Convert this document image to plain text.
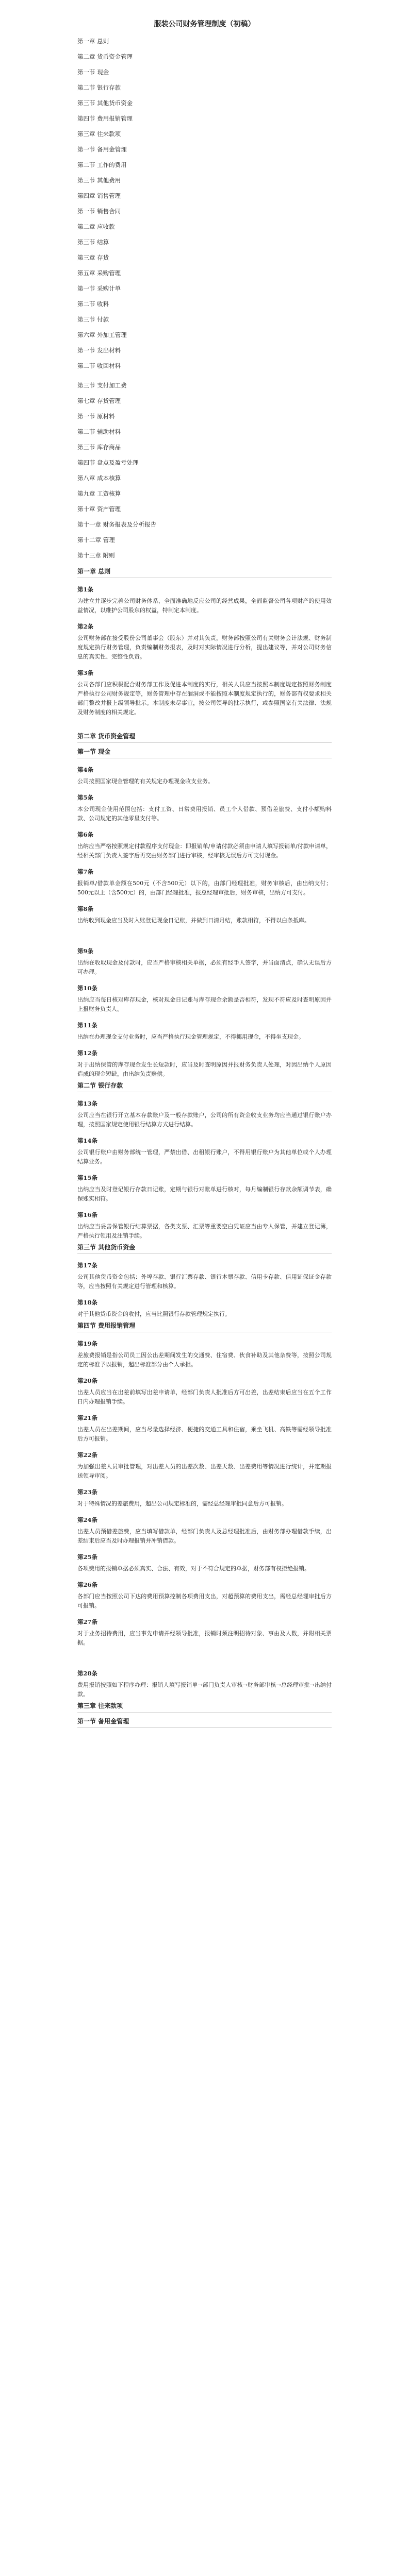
服装公司财务管理制度（初稿）
第一章 总则
第二章 货币资金管理
第一节 现金
第二节 银行存款
第三节 其他货币资金
第四节 费用报销管理
第三章 往来款项
第一节 备用金管理
第二节 工作的费用
第三节 其他费用
第四章 销售管理
第一节 销售合同
第二章 应收款
第三节 结算
第三章 存货
第五章 采购管理
第一节 采购计单
第二节 收料
第三节 付款
第六章 外加工管理
第一节 发出材料
第二节 收回材料
第三节 支付加工费
第七章 存货管理
第一节 原材料
第二节 辅助材料
第三节 库存商品
第四节 盘点及盈亏处理
第八章 成本核算
第九章 工资核算
第十章 资产管理
第十一章 财务报表及分析报告
第十二章 管理
第十三章 附则
第一章 总则
第1条
为建立并逐步完善公司财务体系，全面准确地反应公司的经营成果，全面监督公司各项财产的使用效益情况，以维护公司股东的权益，特制定本制度。
第2条
公司财务部在接受股份公司董事会（股东）并对其负责，财务部按照公司有关财务会计法规、财务制度规定执行财务管理，负责编制财务报表，及时对实际情况进行分析，提出建议等，并对公司财务信息的真实性、完整性负责。
第3条
公司各部门应积极配合财务部工作及促进本制度的实行，相关人员应当按照本制度规定按照财务制度严格执行公司财务规定等，财务管理中存在漏洞或不能按照本制度规定执行的，财务部有权要求相关部门整改并报上级领导批示。本制度未尽事宜，按公司领导的批示执行，或参照国家有关法律、法规及财务制度的相关规定。
第二章 货币资金管理
第一节 现金
第4条
公司按照国家现金管理的有关规定办理现金收支业务。
第5条
本公司现金使用范围包括：支付工资、日常费用报销、员工个人借款、预借差旅费、支付小额购料款、公司规定的其他零星支付等。
第6条
出纳应当严格按照规定付款程序支付现金：即报销单/申请付款必须由申请人填写报销单/付款申请单，经相关部门负责人签字后再交由财务部门进行审核，经审核无误后方可支付现金。
第7条
报销单/借款单金额在500元（不含500元）以下的，由部门经理批准，财务审核后，由出纳支付；500元以上（含500元）的，由部门经理批准，报总经理审批后，财务审核，出纳方可支付。
第8条
出纳收到现金应当及时入账登记现金日记账，并做到日清月结，账款相符，不得以白条抵库。
第9条
出纳在收取现金及付款时，应当严格审核相关单据，必须有经手人签字，并当面清点，确认无误后方可办理。
第10条
出纳应当每日核对库存现金，核对现金日记账与库存现金余额是否相符，发现不符应及时查明原因并上报财务负责人。
第11条
出纳在办理现金支付业务时，应当严格执行现金管理规定，不得挪用现金，不得坐支现金。
第12条
对于出纳保管的库存现金发生长短款时，应当及时查明原因并报财务负责人处理，对因出纳个人原因造成的现金短缺，由出纳负责赔偿。
第二节 银行存款
第13条
公司应当在银行开立基本存款账户及一般存款账户，公司的所有资金收支业务均应当通过银行账户办理，按照国家规定使用银行结算方式进行结算。
第14条
公司银行账户由财务部统一管理，严禁出借、出租银行账户，不得用银行账户为其他单位或个人办理结算业务。
第15条
出纳应当及时登记银行存款日记账，定期与银行对账单进行核对，每月编制银行存款余额调节表，确保账实相符。
第16条
出纳应当妥善保管银行结算票据，各类支票、汇票等重要空白凭证应当由专人保管，并建立登记簿，严格执行领用及注销手续。
第三节 其他货币资金
第17条
公司其他货币资金包括：外埠存款、银行汇票存款、银行本票存款、信用卡存款、信用证保证金存款等，应当按照有关规定进行管理和核算。
第18条
对于其他货币资金的收付，应当比照银行存款管理规定执行。
第四节 费用报销管理
第19条
差旅费报销是指公司员工因公出差期间发生的交通费、住宿费、伙食补助及其他杂费等，按照公司规定的标准予以报销，超出标准部分由个人承担。
第20条
出差人员应当在出差前填写出差申请单，经部门负责人批准后方可出差，出差结束后应当在五个工作日内办理报销手续。
第21条
出差人员在出差期间，应当尽量选择经济、便捷的交通工具和住宿，乘坐飞机、高铁等需经领导批准后方可报销。
第22条
为加强出差人员审批管理，对出差人员的出差次数、出差天数、出差费用等情况进行统计，并定期报送领导审阅。
第23条
对于特殊情况的差旅费用，超出公司规定标准的，需经总经理审批同意后方可报销。
第24条
出差人员预借差旅费，应当填写借款单，经部门负责人及总经理批准后，由财务部办理借款手续，出差结束后应当及时办理报销并冲销借款。
第25条
各项费用的报销单据必须真实、合法、有效，对于不符合规定的单据，财务部有权拒绝报销。
第26条
各部门应当按照公司下达的费用预算控制各项费用支出，对超预算的费用支出，需经总经理审批后方可报销。
第27条
对于业务招待费用，应当事先申请并经领导批准，报销时须注明招待对象、事由及人数，并附相关票据。
第28条
费用报销按照如下程序办理：报销人填写报销单→部门负责人审核→财务部审核→总经理审批→出纳付款。
第三章 往来款项
第一节 备用金管理
